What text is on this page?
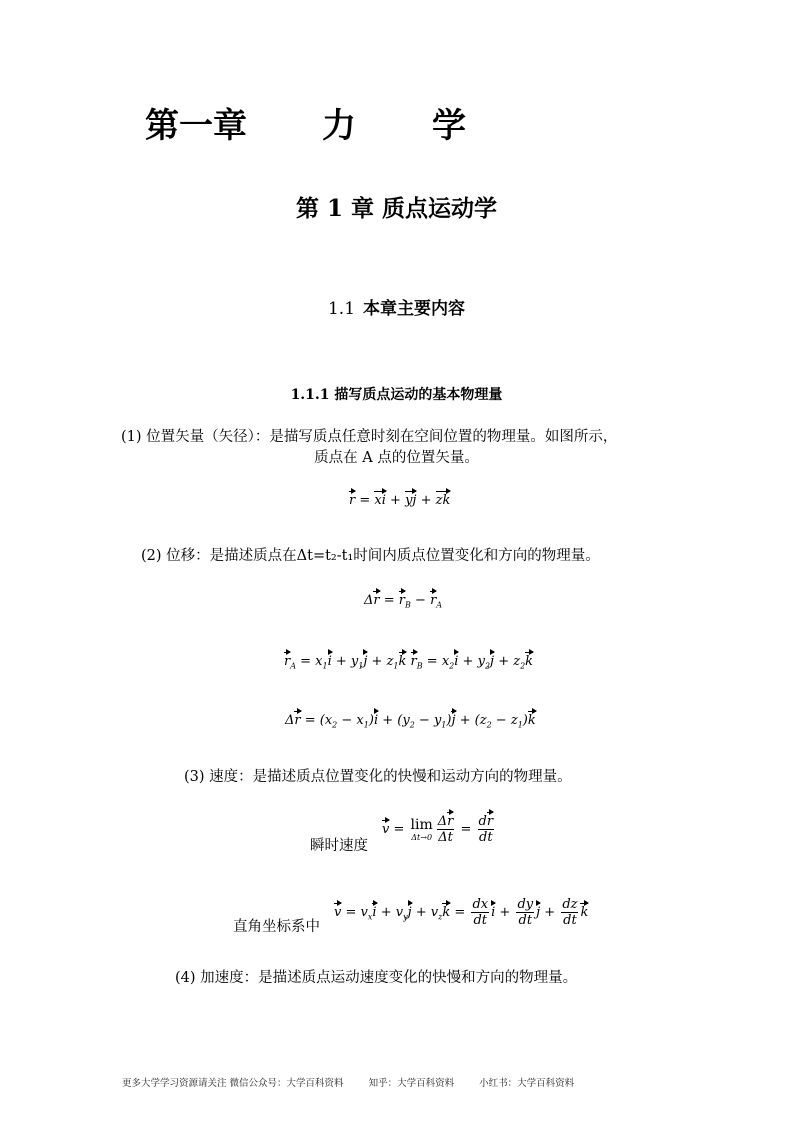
第一章 力 学
第 1 章 质点运动学
1.1 本章主要内容
1.1.1 描写质点运动的基本物理量
(1) 位置矢量（矢径）：是描写质点任意时刻在空间位置的物理量。如图所示，
质点在 A 点的位置矢量。
r = xi + yj + zk
(2) 位移：是描述质点在Δt=t₂-t₁时间内质点位置变化和方向的物理量。
$\Delta r = r_B - r_A$
$r_A = x_1i + y_1j + z_1k$ $r_B = x_2i + y_2j + z_2k$
$\Delta r = (x_2 - x_1)i + (y_2 - y_1)j + (z_2 - z_1)k$
(3) 速度：是描述质点位置变化的快慢和运动方向的物理量。
瞬时速度
v = lim
$\Delta t\to 0 \frac{\Delta r}{\Delta t} = \frac{dr}{dt}$
直角坐标系中
$v = v_xi + v_yj + v_zk = \frac{dx}{dt}$ $i + \frac{dy}{dt}$ $j + \frac{dz}{dt}$ k
(4) 加速度：是描述质点运动速度变化的快慢和方向的物理量。
更多大学学习资源请关注 微信公众号：大学百科资料	知乎：大学百科资料	小红书：大学百科资料
